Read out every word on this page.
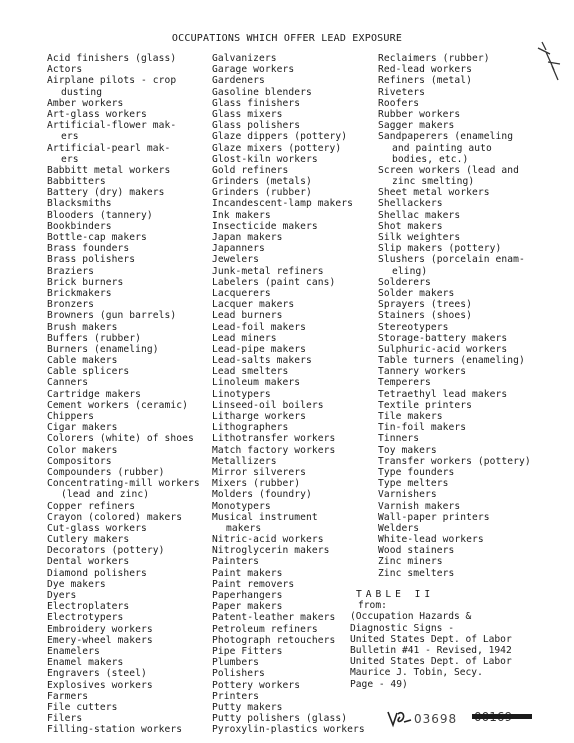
OCCUPATIONS WHICH OFFER LEAD EXPOSURE
Acid finishers (glass)
Actors
Airplane pilots - crop
dusting
Amber workers
Art-glass workers
Artificial-flower mak-
ers
Artificial-pearl mak-
ers
Babbitt metal workers
Babbitters
Battery (dry) makers
Blacksmiths
Blooders (tannery)
Bookbinders
Bottle-cap makers
Brass founders
Brass polishers
Braziers
Brick burners
Brickmakers
Bronzers
Browners (gun barrels)
Brush makers
Buffers (rubber)
Burners (enameling)
Cable makers
Cable splicers
Canners
Cartridge makers
Cement workers (ceramic)
Chippers
Cigar makers
Colorers (white) of shoes
Color makers
Compositors
Compounders (rubber)
Concentrating-mill workers
(lead and zinc)
Copper refiners
Crayon (colored) makers
Cut-glass workers
Cutlery makers
Decorators (pottery)
Dental workers
Diamond polishers
Dye makers
Dyers
Electroplaters
Electrotypers
Embroidery workers
Emery-wheel makers
Enamelers
Enamel makers
Engravers (steel)
Explosives workers
Farmers
File cutters
Filers
Filling-station workers
Galvanizers
Garage workers
Gardeners
Gasoline blenders
Glass finishers
Glass mixers
Glass polishers
Glaze dippers (pottery)
Glaze mixers (pottery)
Glost-kiln workers
Gold refiners
Grinders (metals)
Grinders (rubber)
Incandescent-lamp makers
Ink makers
Insecticide makers
Japan makers
Japanners
Jewelers
Junk-metal refiners
Labelers (paint cans)
Lacquerers
Lacquer makers
Lead burners
Lead-foil makers
Lead miners
Lead-pipe makers
Lead-salts makers
Lead smelters
Linoleum makers
Linotypers
Linseed-oil boilers
Litharge workers
Lithographers
Lithotransfer workers
Match factory workers
Metallizers
Mirror silverers
Mixers (rubber)
Molders (foundry)
Monotypers
Musical instrument
makers
Nitric-acid workers
Nitroglycerin makers
Painters
Paint makers
Paint removers
Paperhangers
Paper makers
Patent-leather makers
Petroleum refiners
Photograph retouchers
Pipe Fitters
Plumbers
Polishers
Pottery workers
Printers
Putty makers
Putty polishers (glass)
Pyroxylin-plastics workers
Reclaimers (rubber)
Red-lead workers
Refiners (metal)
Riveters
Roofers
Rubber workers
Sagger makers
Sandpaperers (enameling
and painting auto
bodies, etc.)
Screen workers (lead and
zinc smelting)
Sheet metal workers
Shellackers
Shellac makers
Shot makers
Silk weighters
Slip makers (pottery)
Slushers (porcelain enam-
eling)
Solderers
Solder makers
Sprayers (trees)
Stainers (shoes)
Stereotypers
Storage-battery makers
Sulphuric-acid workers
Table turners (enameling)
Tannery workers
Temperers
Tetraethyl lead makers
Textile printers
Tile makers
Tin-foil makers
Tinners
Toy makers
Transfer workers (pottery)
Type founders
Type melters
Varnishers
Varnish makers
Wall-paper printers
Welders
White-lead workers
Wood stainers
Zinc miners
Zinc smelters
TABLE II
from:
(Occupation Hazards &
Diagnostic Signs -
United States Dept. of Labor
Bulletin #41 - Revised, 1942
United States Dept. of Labor
Maurice J. Tobin, Secy.
Page - 49)
03698
